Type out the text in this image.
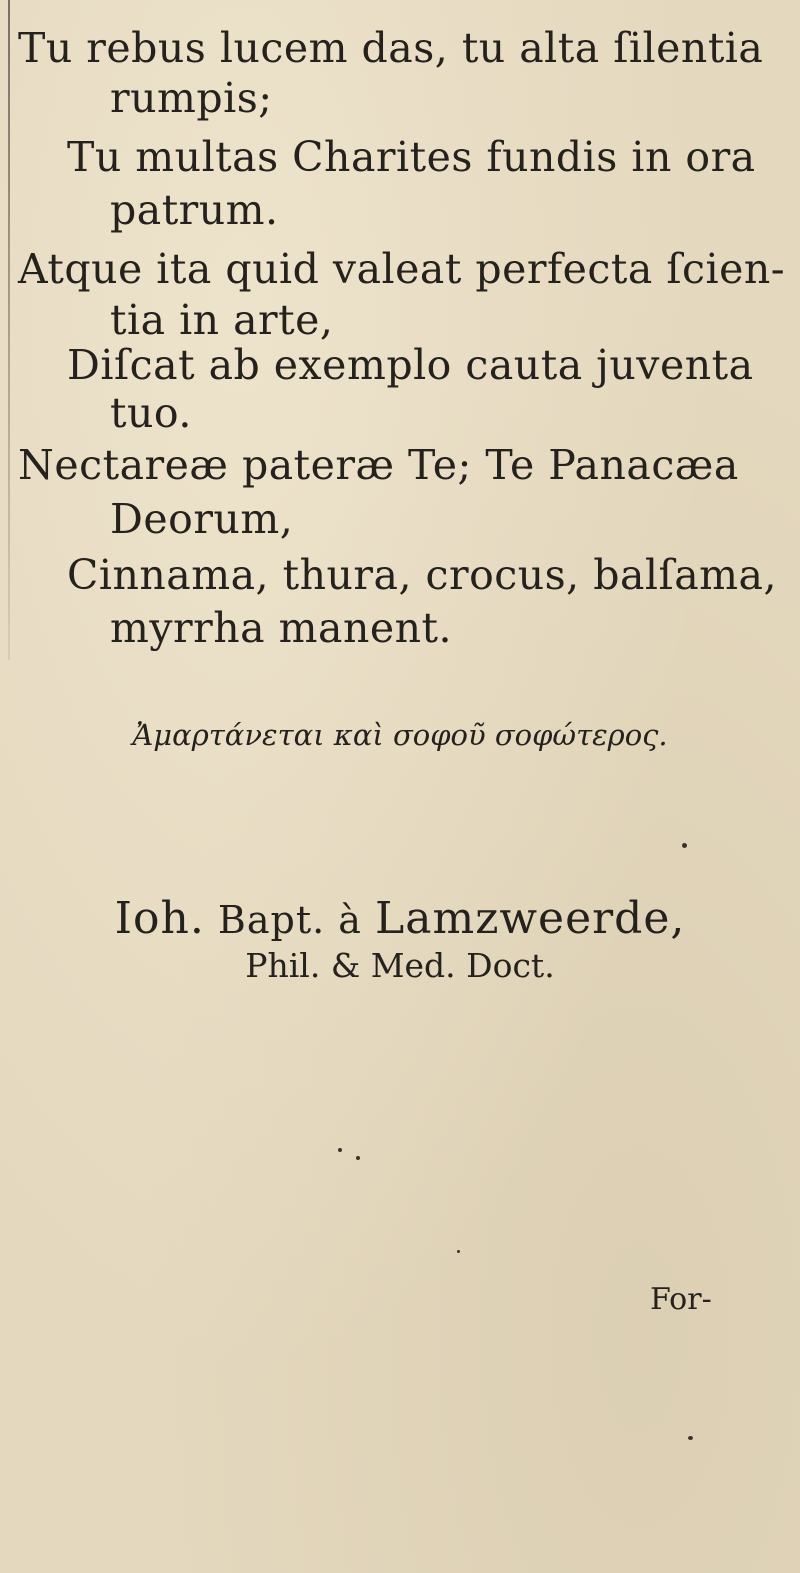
Tu rebus lucem das, tu alta ſilentia
rumpis;
Tu multas Charites fundis in ora
patrum.
Atque ita quid valeat perfecta ſcien-
tia in arte,
Diſcat ab exemplo cauta juventa
tuo.
Nectareæ pateræ Te; Te Panacæa
Deorum,
Cinnama, thura, crocus, balſama,
myrrha manent.
Ἀμαρτάνεται καὶ σοφοῦ σοφώτερος.
Ioh. Bapt. à Lamzweerde,
Phil. & Med. Doct.
For-
